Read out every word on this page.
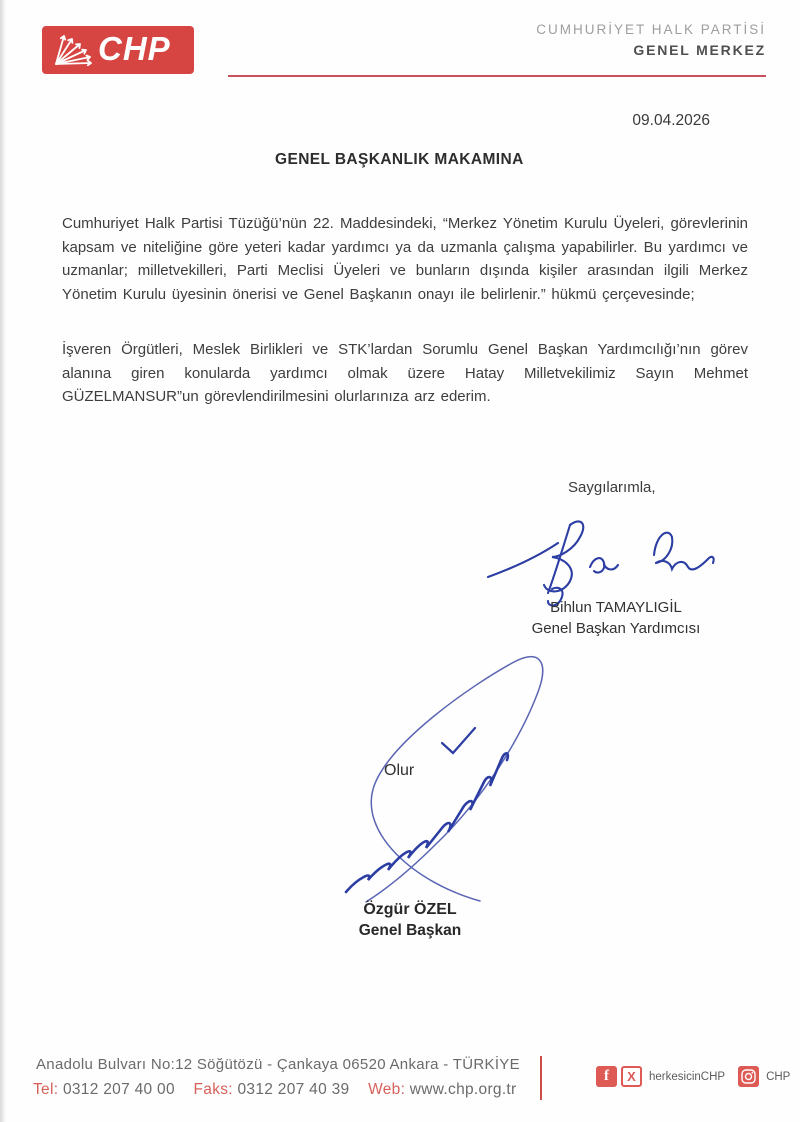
CHP
CUMHURİYET HALK PARTİSİ
GENEL MERKEZ
09.04.2026
GENEL BAŞKANLIK MAKAMINA

Cumhuriyet Halk Partisi Tüzüğü’nün 22. Maddesindeki, “Merkez Yönetim Kurulu Üyeleri, görevlerinin kapsam ve niteliğine göre yeteri kadar yardımcı ya da uzmanla çalışma yapabilirler. Bu yardımcı ve uzmanlar; milletvekilleri, Parti Meclisi Üyeleri ve bunların dışında kişiler arasından ilgili Merkez Yönetim Kurulu üyesinin önerisi ve Genel Başkanın onayı ile belirlenir.” hükmü çerçevesinde;

İşveren Örgütleri, Meslek Birlikleri ve STK’lardan Sorumlu Genel Başkan Yardımcılığı’nın görev alanına giren konularda yardımcı olmak üzere Hatay Milletvekilimiz Sayın Mehmet GÜZELMANSUR”un görevlendirilmesini olurlarınıza arz ederim.

Saygılarımla,
Bihlun TAMAYLIGİL
Genel Başkan Yardımcısı
Olur
Özgür ÖZEL
Genel Başkan
Anadolu Bulvarı No:12 Söğütözü - Çankaya 06520 Ankara - TÜRKİYE
Tel: 0312 207 40 00 Faks: 0312 207 40 39 Web: www.chp.org.tr
f	X	herkesicinCHP	CHP
